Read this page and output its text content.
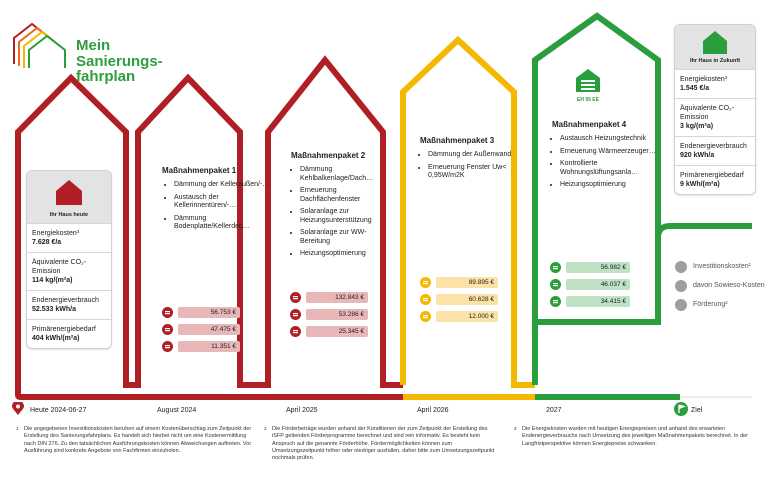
Mein
Sanierungs-
fahrplan
Ihr Haus heute
Energiekosten³
7.628 €/a
Äquivalente CO₂-Emission
114 kg/(m²a)
Endenergieverbrauch
52.533 kWh/a
Primärenergiebedarf
404 kWh/(m²a)
Ihr Haus in Zukunft
Energiekosten³
1.545 €/a
Äquivalente CO₂-Emission
3 kg/(m²a)
Endenergieverbrauch
920 kWh/a
Primärenergiebedarf
9 kWh/(m²a)
Maßnahmenpaket 1
• Dämmung der Kelleraußen/-…
• Austausch der Kellerinnentüren/-…
• Dämmung Bodenplatte/Kellerdec…
Maßnahmenpaket 2
• Dämmung Kehlbalkenlage/Dach…
• Erneuerung Dachflächenfenster
• Solaranlage zur Heizungsunterstützung
• Solaranlage zur WW-Bereitung
• Heizungsoptimierung
Maßnahmenpaket 3
• Dämmung der Außenwand
• Erneuerung Fenster Uw< 0,95W/m2K
EH 55 EE
Maßnahmenpaket 4
• Austausch Heizungstechnik
• Erneuerung Wärmeerzeuger…
• Kontrollierte Wohnungslüftungsanla…
• Heizungsoptimierung
56.753 €
47.475 €
11.351 €
132.843 €
53.286 €
25.345 €
89.895 €
60.628 €
12.000 €
56.982 €
46.037 €
34.415 €
Heute 2024-06-27	August 2024	April 2025	April 2026	2027	Ziel
Investitionskosten¹
davon Sowieso-Kosten
Förderung²
1 Die angegebenen Investitionskosten beruhen auf einem Kostenüberschlag zum Zeitpunkt der Erstellung des Sanierungsfahrplans. Es handelt sich hierbei nicht um eine Kostenermittlung nach DIN 276. Zu den tatsächlichen Ausführungskosten können Abweichungen auftreten. Vor Ausführung sind konkrete Angebote von Fachfirmen einzuholen.
2 Die Förderbeträge wurden anhand der Konditionen der zum Zeitpunkt der Erstellung des iSFP geltenden Förderprogramme berechnet und sind rein informativ. Es besteht kein Anspruch auf die genannte Förderhöhe. Fördermöglichkeiten können zum Umsetzungszeitpunkt höher oder niedriger ausfallen, daher bitte zum Umsetzungszeitpunkt nochmals prüfen.
3 Die Energiekosten wurden mit heutigen Energiepreisen und anhand des erwarteten Endenergieverbrauchs nach Umsetzung des jeweiligen Maßnahmenpakets berechnet. In der Langfristperspektive können Energiepreise schwanken.
